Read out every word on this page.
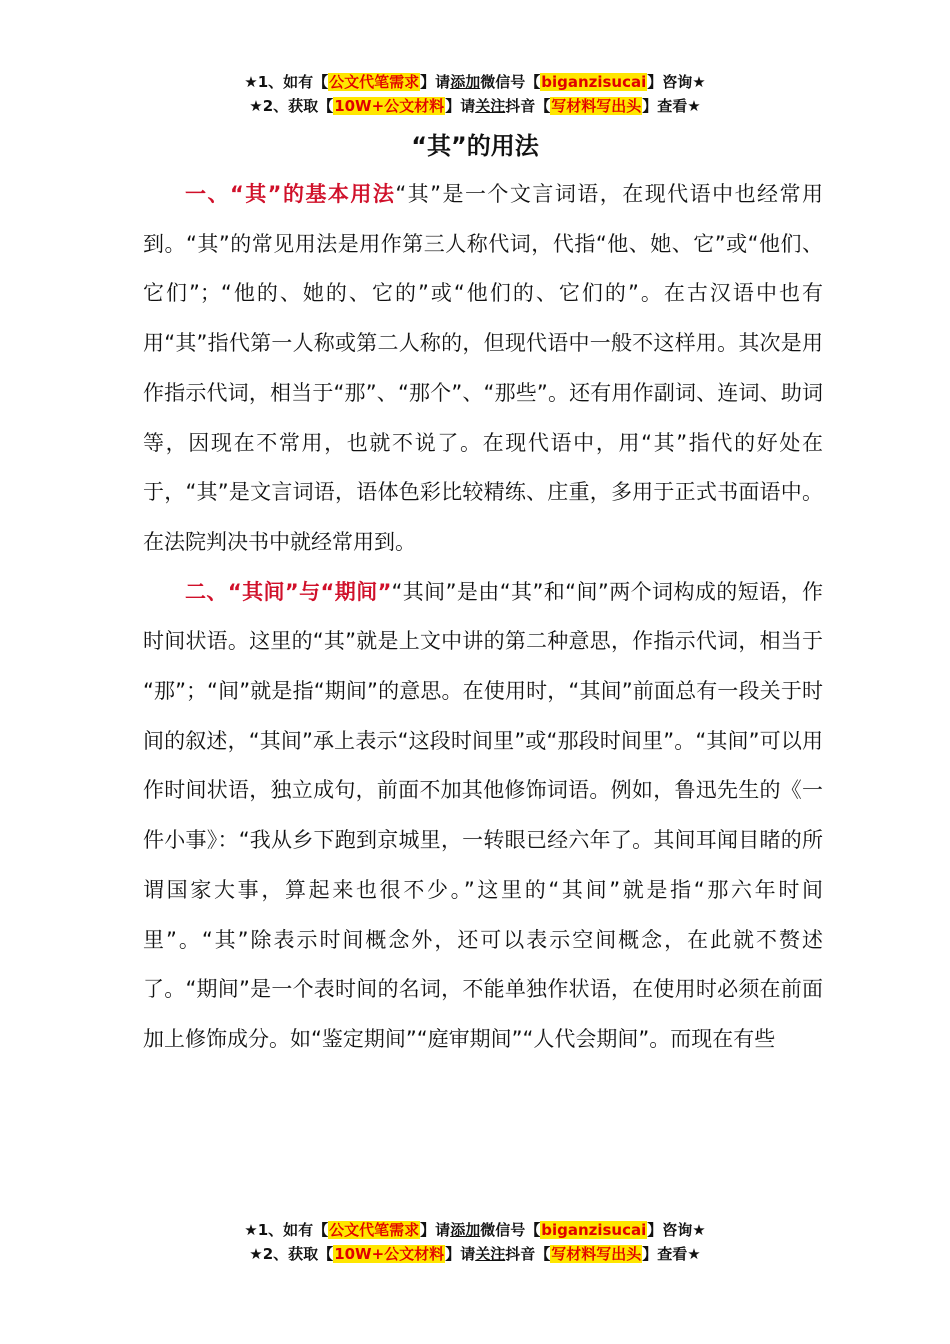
★1、如有【公文代笔需求】请添加微信号【biganzisucai】咨询★
★2、获取【10W+公文材料】请关注抖音【写材料写出头】查看★
“其”的用法

一、“其”的基本用法“其”是一个文言词语，在现代语中也经常用到。“其”的常见用法是用作第三人称代词，代指“他、她、它”或“他们、它们”；“他的、她的、它的”或“他们的、它们的”。在古汉语中也有用“其”指代第一人称或第二人称的，但现代语中一般不这样用。其次是用作指示代词，相当于“那”、“那个”、“那些”。还有用作副词、连词、助词等，因现在不常用，也就不说了。在现代语中，用“其”指代的好处在于，“其”是文言词语，语体色彩比较精练、庄重，多用于正式书面语中。在法院判决书中就经常用到。

二、“其间”与“期间”“其间”是由“其”和“间”两个词构成的短语，作时间状语。这里的“其”就是上文中讲的第二种意思，作指示代词，相当于 “那”；“间”就是指“期间”的意思。在使用时，“其间”前面总有一段关于时间的叙述，“其间”承上表示“这段时间里”或“那段时间里”。“其间”可以用作时间状语，独立成句，前面不加其他修饰词语。例如，鲁迅先生的《一件小事》：“我从乡下跑到京城里，一转眼已经六年了。其间耳闻目睹的所谓国家大事，算起来也很不少。”这里的“其间”就是指“那六年时间里”。“其”除表示时间概念外，还可以表示空间概念，在此就不赘述了。“期间”是一个表时间的名词，不能单独作状语，在使用时必须在前面加上修饰成分。如“鉴定期间”“庭审期间”“人代会期间”。而现在有些

★1、如有【公文代笔需求】请添加微信号【biganzisucai】咨询★
★2、获取【10W+公文材料】请关注抖音【写材料写出头】查看★
